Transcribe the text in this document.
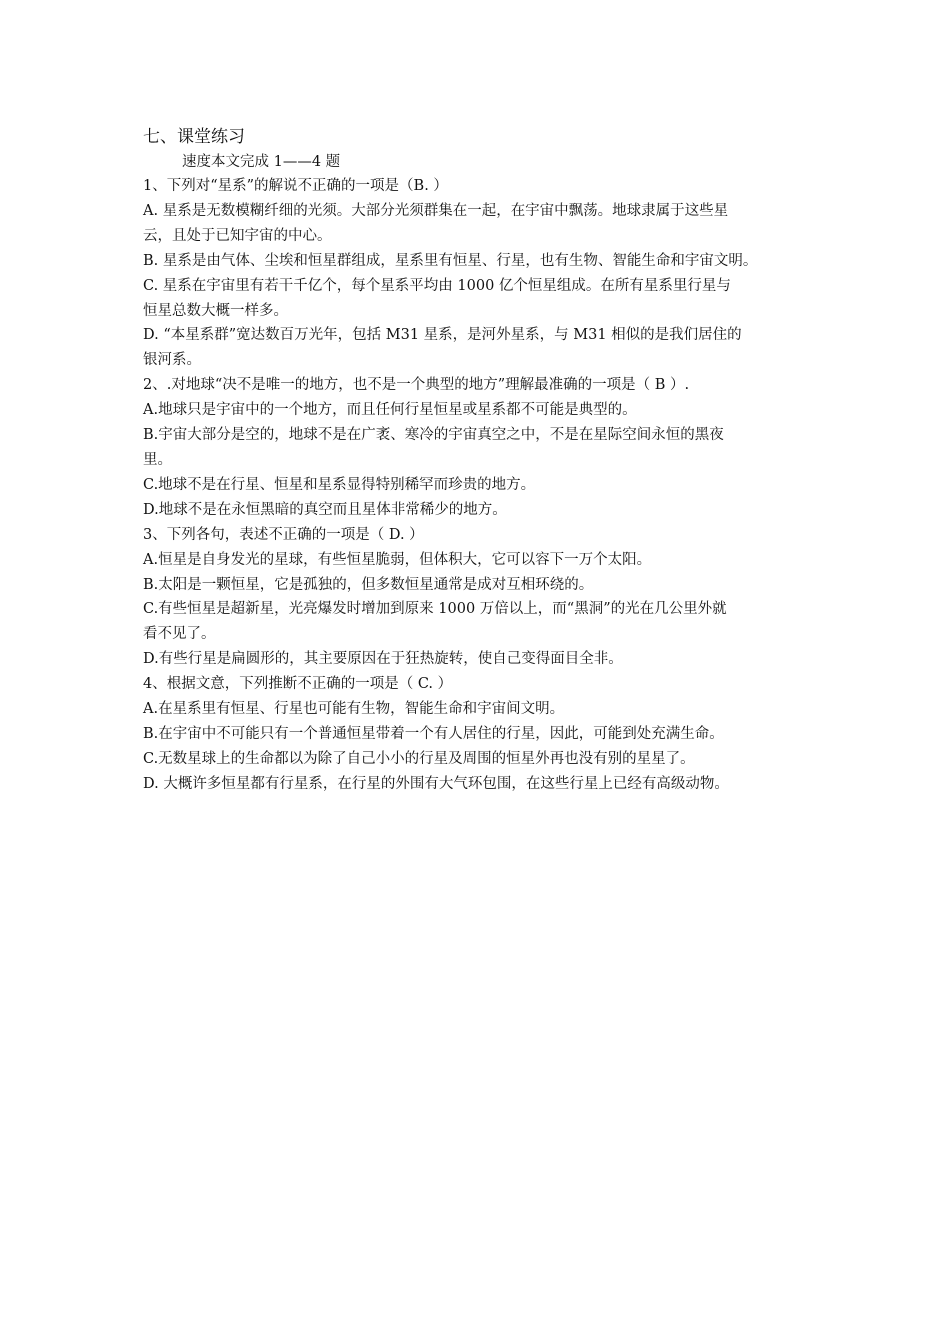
七、课堂练习
速度本文完成 1——4 题
1、下列对“星系”的解说不正确的一项是（B. ）
A. 星系是无数模糊纤细的光须。大部分光须群集在一起，在宇宙中飘荡。地球隶属于这些星
云，且处于已知宇宙的中心。
B. 星系是由气体、尘埃和恒星群组成，星系里有恒星、行星，也有生物、智能生命和宇宙文明。
C. 星系在宇宙里有若干千亿个，每个星系平均由 1000 亿个恒星组成。在所有星系里行星与
恒星总数大概一样多。
D. “本星系群”宽达数百万光年，包括 M31 星系，是河外星系，与 M31 相似的是我们居住的
银河系。
2、.对地球“决不是唯一的地方，也不是一个典型的地方”理解最准确的一项是（ B ）.
A.地球只是宇宙中的一个地方，而且任何行星恒星或星系都不可能是典型的。
B.宇宙大部分是空的，地球不是在广袤、寒冷的宇宙真空之中，不是在星际空间永恒的黑夜
里。
C.地球不是在行星、恒星和星系显得特别稀罕而珍贵的地方。
D.地球不是在永恒黑暗的真空而且星体非常稀少的地方。
3、下列各句，表述不正确的一项是（ D. ）
A.恒星是自身发光的星球，有些恒星脆弱，但体积大，它可以容下一万个太阳。
B.太阳是一颗恒星，它是孤独的，但多数恒星通常是成对互相环绕的。
C.有些恒星是超新星，光亮爆发时增加到原来 1000 万倍以上，而“黑洞”的光在几公里外就
看不见了。
D.有些行星是扁圆形的，其主要原因在于狂热旋转，使自己变得面目全非。
4、根据文意，下列推断不正确的一项是（ C. ）
A.在星系里有恒星、行星也可能有生物，智能生命和宇宙间文明。
B.在宇宙中不可能只有一个普通恒星带着一个有人居住的行星，因此，可能到处充满生命。
C.无数星球上的生命都以为除了自己小小的行星及周围的恒星外再也没有别的星星了。
D. 大概许多恒星都有行星系，在行星的外围有大气环包围，在这些行星上已经有高级动物。
